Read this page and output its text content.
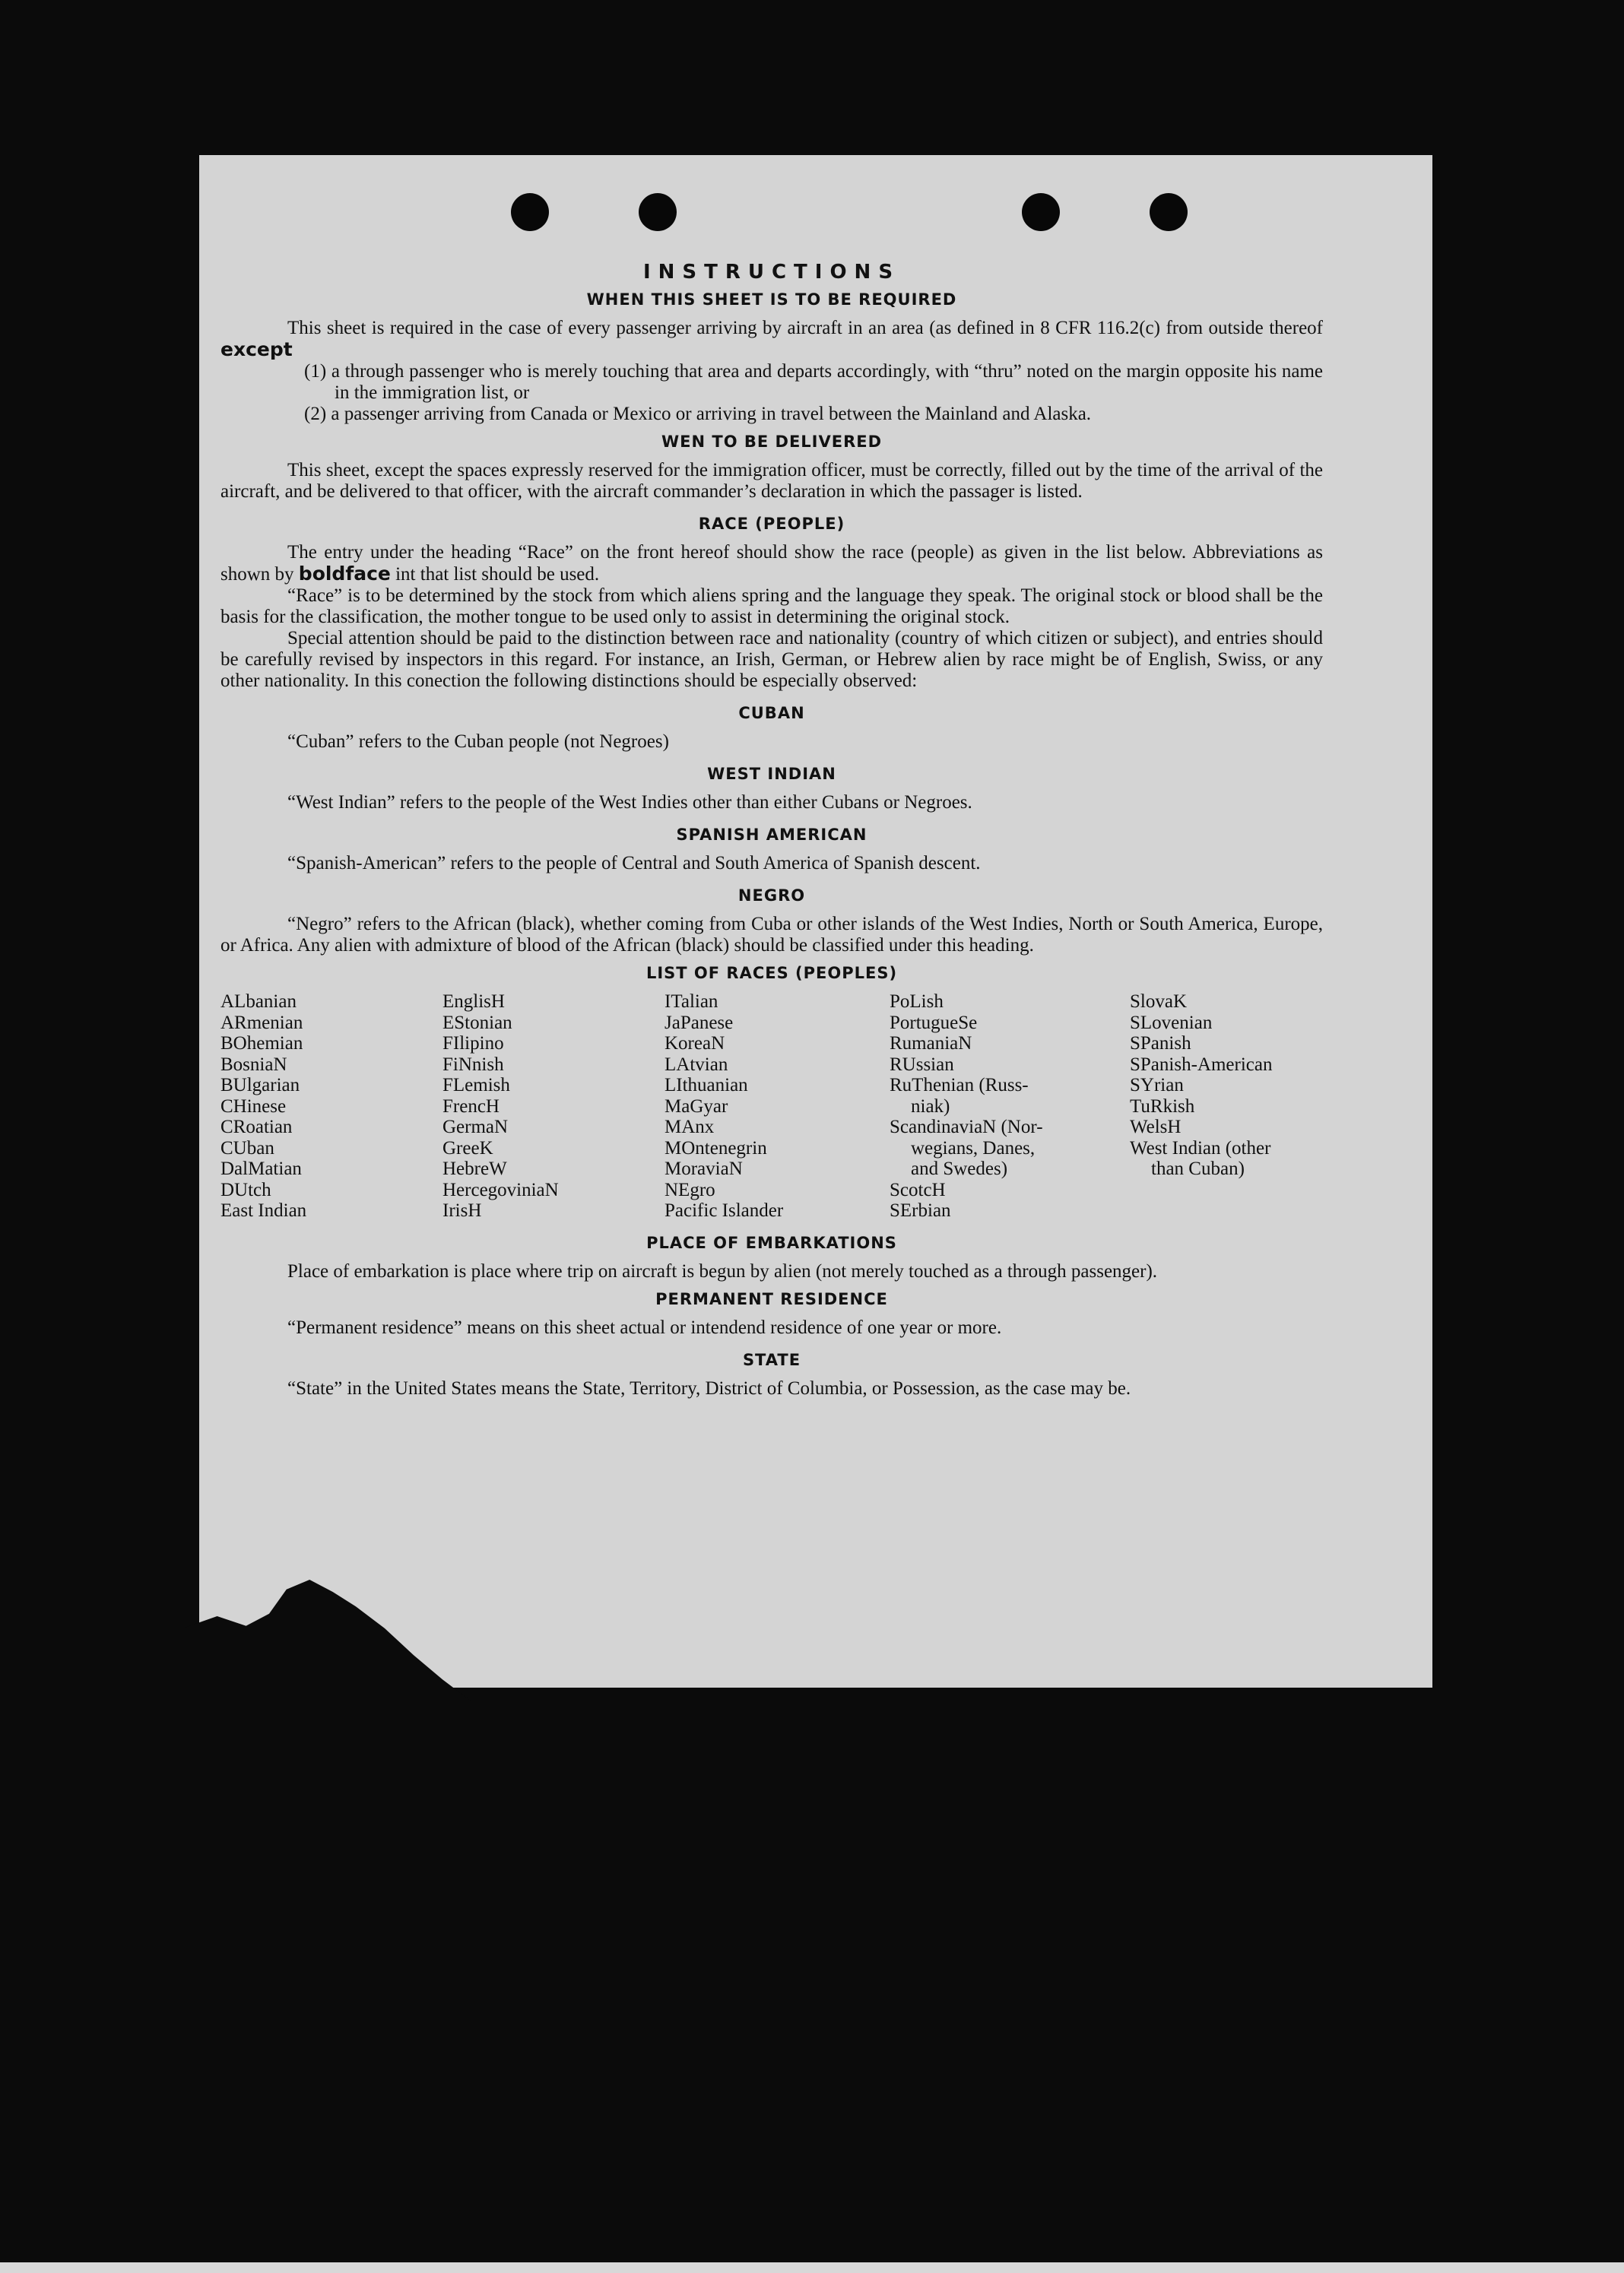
INSTRUCTIONS
WHEN THIS SHEET IS TO BE REQUIRED

This sheet is required in the case of every passenger arriving by aircraft in an area (as defined in 8 CFR 116.2(c) from outside thereof except

(1) a through passenger who is merely touching that area and departs accordingly, with “thru” noted on the margin opposite his name in the immigration list, or

(2) a passenger arriving from Canada or Mexico or arriving in travel between the Mainland and Alaska.

WEN TO BE DELIVERED

This sheet, except the spaces expressly reserved for the immigration officer, must be correctly, filled out by the time of the arrival of the aircraft, and be delivered to that officer, with the aircraft commander’s declaration in which the passager is listed.

RACE (PEOPLE)

The entry under the heading “Race” on the front hereof should show the race (people) as given in the list below. Abbreviations as shown by boldface int that list should be used.

“Race” is to be determined by the stock from which aliens spring and the language they speak. The original stock or blood shall be the basis for the classification, the mother tongue to be used only to assist in determining the original stock.

Special attention should be paid to the distinction between race and nationality (country of which citizen or subject), and entries should be carefully revised by inspectors in this regard. For instance, an Irish, German, or Hebrew alien by race might be of English, Swiss, or any other nationality. In this conection the following distinctions should be especially observed:

CUBAN

“Cuban” refers to the Cuban people (not Negroes)

WEST INDIAN

“West Indian” refers to the people of the West Indies other than either Cubans or Negroes.

SPANISH AMERICAN

“Spanish-American” refers to the people of Central and South America of Spanish descent.

NEGRO

“Negro” refers to the African (black), whether coming from Cuba or other islands of the West Indies, North or South America, Europe, or Africa. Any alien with admixture of blood of the African (black) should be classified under this heading.

LIST OF RACES (PEOPLES)
ALbanian
ARmenian
BOhemian
BosniaN
BUlgarian
CHinese
CRoatian
CUban
DalMatian
DUtch
East Indian
EnglisH
EStonian
FIlipino
FiNnish
FLemish
FrencH
GermaN
GreeK
HebreW
HercegoviniaN
IrisH
ITalian
JaPanese
KoreaN
LAtvian
LIthuanian
MaGyar
MAnx
MOntenegrin
MoraviaN
NEgro
Pacific Islander
PoLish
PortugueSe
RumaniaN
RUssian
RuThenian (Russ-
niak)
ScandinaviaN (Nor-
wegians, Danes,
and Swedes)
ScotcH
SErbian
SlovaK
SLovenian
SPanish
SPanish-American
SYrian
TuRkish
WelsH
West Indian (other
than Cuban)
PLACE OF EMBARKATIONS

Place of embarkation is place where trip on aircraft is begun by alien (not merely touched as a through passenger).

PERMANENT RESIDENCE

“Permanent residence” means on this sheet actual or intendend residence of one year or more.

STATE

“State” in the United States means the State, Territory, District of Columbia, or Possession, as the case may be.
